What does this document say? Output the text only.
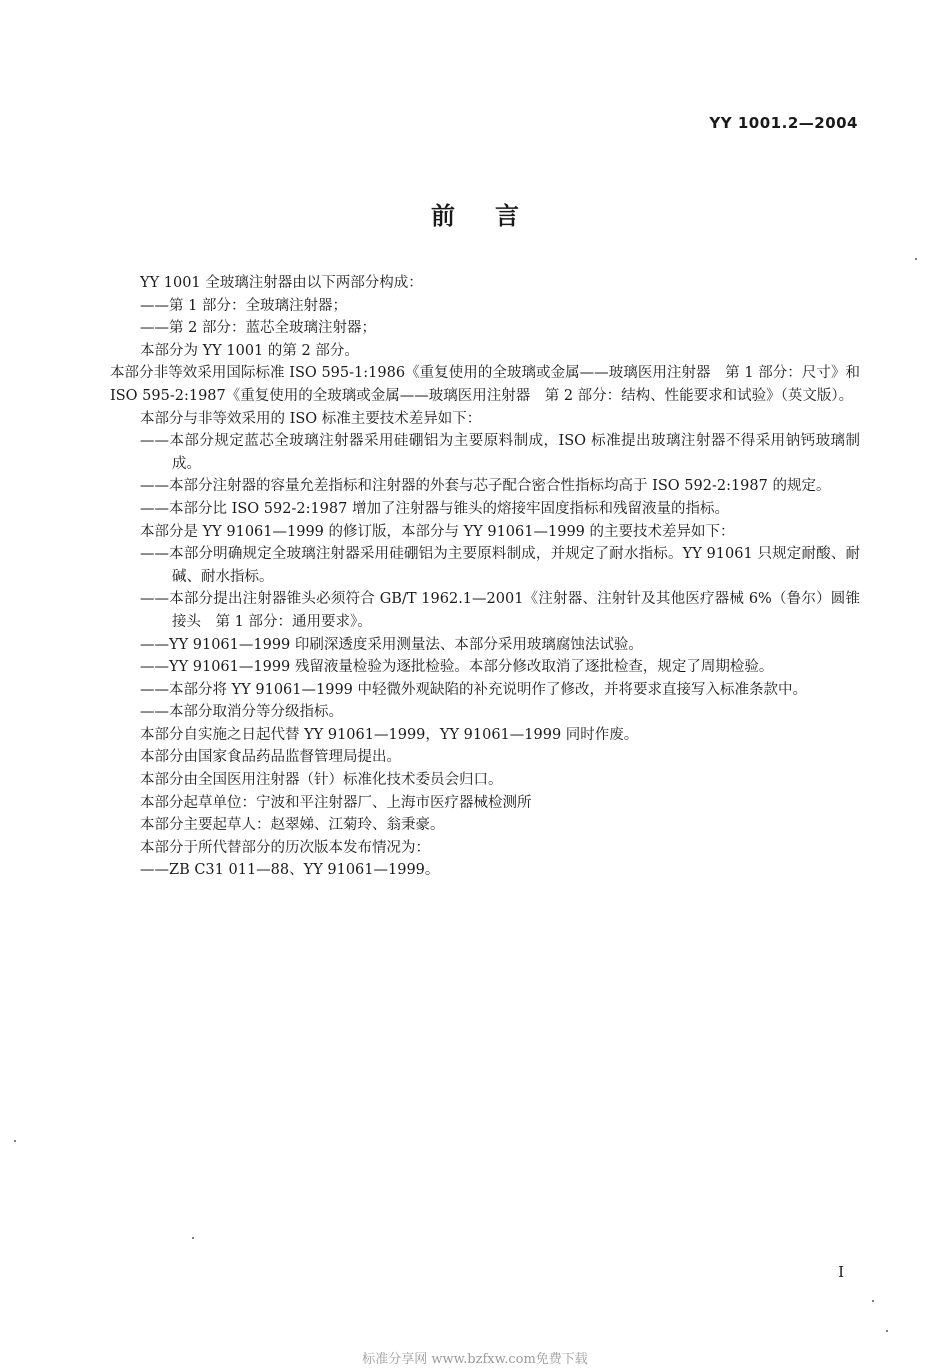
YY 1001.2—2004
前言

YY 1001 全玻璃注射器由以下两部分构成：

——第 1 部分：全玻璃注射器；

——第 2 部分：蓝芯全玻璃注射器；

本部分为 YY 1001 的第 2 部分。

本部分非等效采用国际标准 ISO 595-1:1986《重复使用的全玻璃或金属——玻璃医用注射器　第 1 部分：尺寸》和 ISO 595-2:1987《重复使用的全玻璃或金属——玻璃医用注射器　第 2 部分：结构、性能要求和试验》（英文版）。

本部分与非等效采用的 ISO 标准主要技术差异如下：

——本部分规定蓝芯全玻璃注射器采用硅硼铝为主要原料制成，ISO 标准提出玻璃注射器不得采用钠钙玻璃制成。

——本部分注射器的容量允差指标和注射器的外套与芯子配合密合性指标均高于 ISO 592-2:1987 的规定。

——本部分比 ISO 592-2:1987 增加了注射器与锥头的熔接牢固度指标和残留液量的指标。

本部分是 YY 91061—1999 的修订版，本部分与 YY 91061—1999 的主要技术差异如下：

——本部分明确规定全玻璃注射器采用硅硼铝为主要原料制成，并规定了耐水指标。YY 91061 只规定耐酸、耐碱、耐水指标。

——本部分提出注射器锥头必须符合 GB/T 1962.1—2001《注射器、注射针及其他医疗器械 6%（鲁尔）圆锥接头　第 1 部分：通用要求》。

——YY 91061—1999 印刷深透度采用测量法、本部分采用玻璃腐蚀法试验。

——YY 91061—1999 残留液量检验为逐批检验。本部分修改取消了逐批检查，规定了周期检验。

——本部分将 YY 91061—1999 中轻微外观缺陷的补充说明作了修改，并将要求直接写入标准条款中。

——本部分取消分等分级指标。

本部分自实施之日起代替 YY 91061—1999，YY 91061—1999 同时作废。

本部分由国家食品药品监督管理局提出。

本部分由全国医用注射器（针）标准化技术委员会归口。

本部分起草单位：宁波和平注射器厂、上海市医疗器械检测所

本部分主要起草人：赵翠娣、江菊玲、翁秉豪。

本部分于所代替部分的历次版本发布情况为：

——ZB C31 011—88、YY 91061—1999。

I
标准分享网 www.bzfxw.com免费下载
